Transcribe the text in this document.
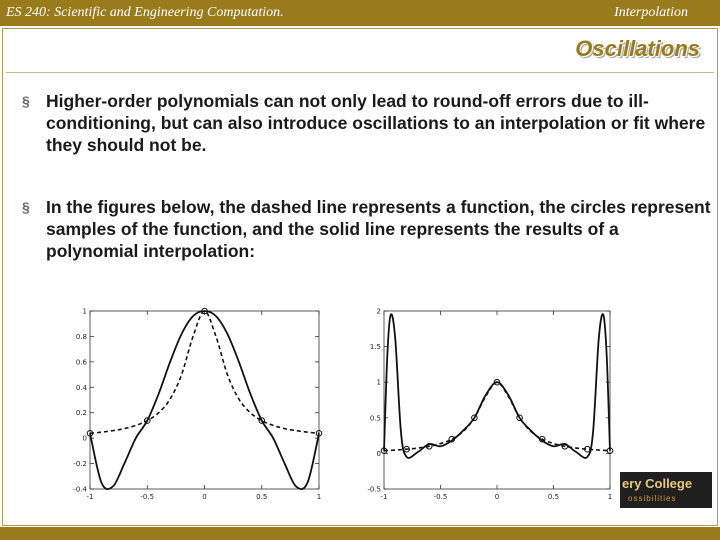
ES 240: Scientific and Engineering Computation.	Interpolation
Oscillations
§ Higher-order polynomials can not only lead to round-off errors due to ill-conditioning, but can also introduce oscillations to an interpolation or fit where they should not be.
§ In the figures below, the dashed line represents a function, the circles represent samples of the function, and the solid line represents the results of a polynomial interpolation:
-1	-0.5	0	0.5	1
1
0.8
0.6
0.4
0.2
0
-0.2
-0.4
-1	-0.5	0	0.5	1
2
1.5
1
0.5
0
-0.5	ery College
ossibilities
